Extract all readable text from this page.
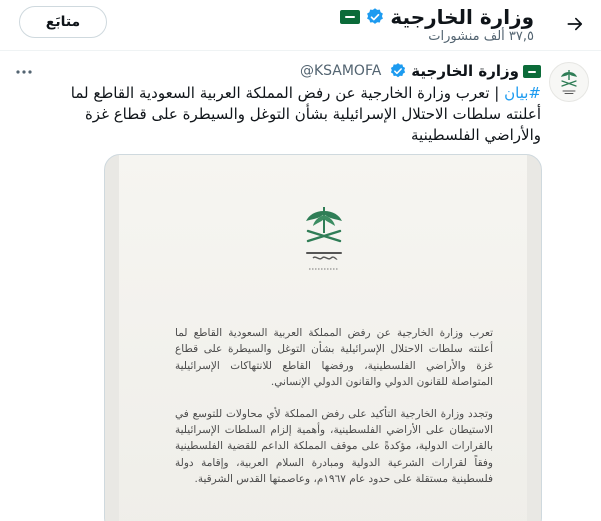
وزارة الخارجية
٣٧,٥ ألف منشورات
متابَع
وزارة الخارجية
@KSAMOFA
#بيان | تعرب وزارة الخارجية عن رفض المملكة العربية السعودية القاطع لما أعلنته سلطات الاحتلال الإسرائيلية بشأن التوغل والسيطرة على قطاع غزة والأراضي الفلسطينية

تعرب وزارة الخارجية عن رفض المملكة العربية السعودية القاطع لما أعلنته سلطات الاحتلال الإسرائيلية بشأن التوغل والسيطرة على قطاع غزة والأراضي الفلسطينية، ورفضها القاطع للانتهاكات الإسرائيلية المتواصلة للقانون الدولي والقانون الدولي الإنساني.

وتجدد وزارة الخارجية التأكيد على رفض المملكة لأي محاولات للتوسع في الاستيطان على الأراضي الفلسطينية، وأهمية إلزام السلطات الإسرائيلية بالقرارات الدولية، مؤكدةً على موقف المملكة الداعم للقضية الفلسطينية وفقاً لقرارات الشرعية الدولية ومبادرة السلام العربية، وإقامة دولة فلسطينية مستقلة على حدود عام ١٩٦٧م، وعاصمتها القدس الشرقية.
